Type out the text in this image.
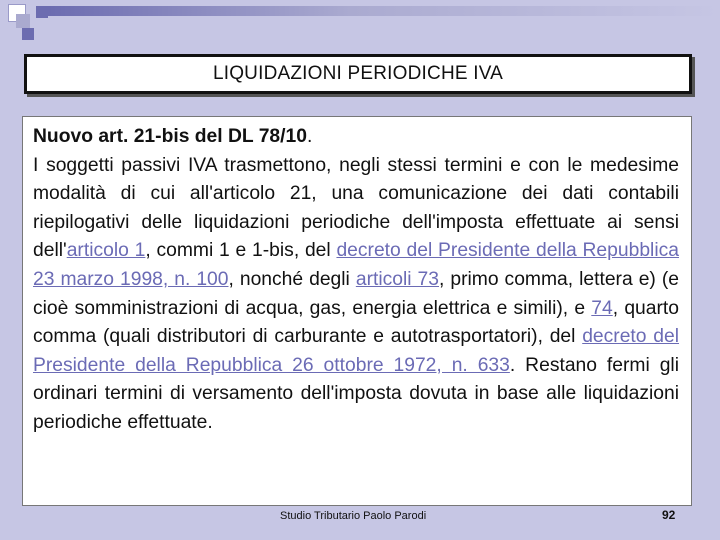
LIQUIDAZIONI PERIODICHE IVA
Nuovo art. 21-bis del DL 78/10.
I soggetti passivi IVA trasmettono, negli stessi termini e con le medesime modalità di cui all'articolo 21, una comunicazione dei dati contabili riepilogativi delle liquidazioni periodiche dell'imposta effettuate ai sensi dell'articolo 1, commi 1 e 1-bis, del decreto del Presidente della Repubblica 23 marzo 1998, n. 100, nonché degli articoli 73, primo comma, lettera e) (e cioè somministrazioni di acqua, gas, energia elettrica e simili), e 74, quarto comma (quali distributori di carburante e autotrasportatori), del decreto del Presidente della Repubblica 26 ottobre 1972, n. 633. Restano fermi gli ordinari termini di versamento dell'imposta dovuta in base alle liquidazioni periodiche effettuate.
Studio Tributario Paolo Parodi	92
